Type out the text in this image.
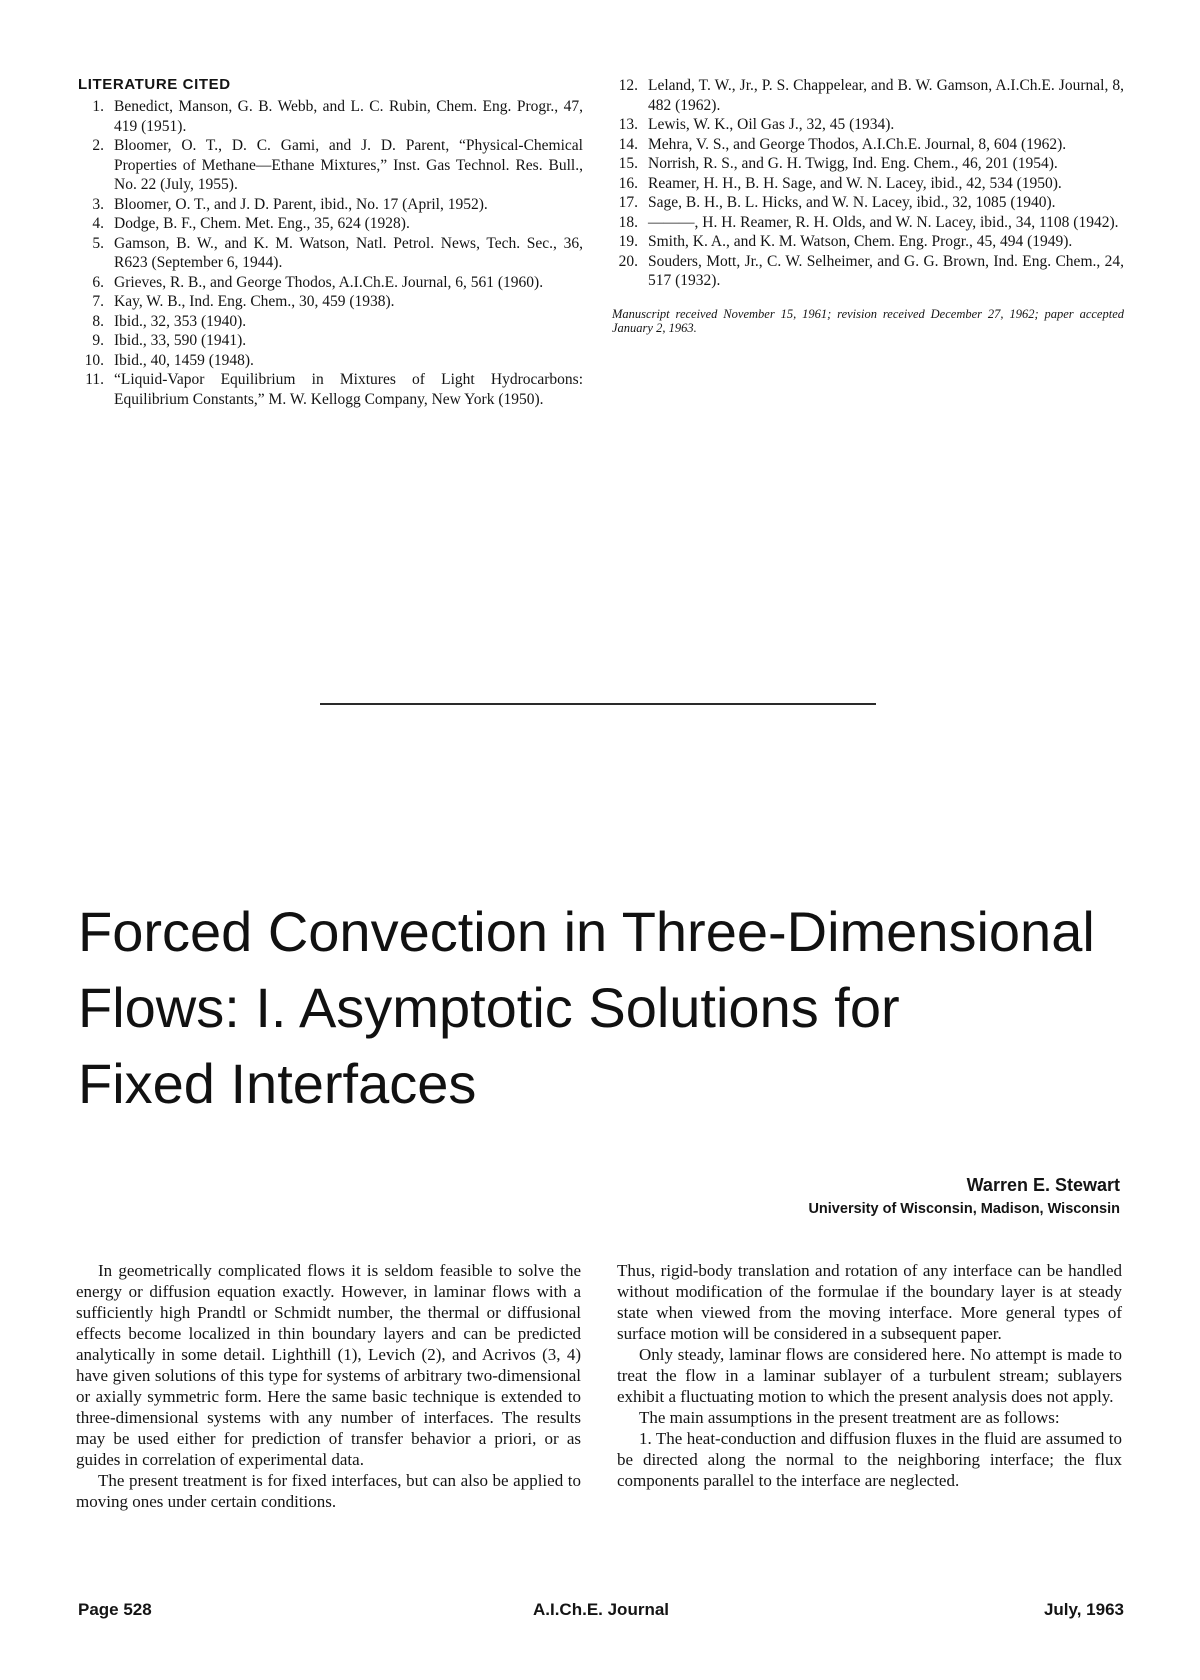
LITERATURE CITED
1. Benedict, Manson, G. B. Webb, and L. C. Rubin, Chem. Eng. Progr., 47, 419 (1951).
2. Bloomer, O. T., D. C. Gami, and J. D. Parent, “Physical-Chemical Properties of Methane—Ethane Mixtures,” Inst. Gas Technol. Res. Bull., No. 22 (July, 1955).
3. Bloomer, O. T., and J. D. Parent, ibid., No. 17 (April, 1952).
4. Dodge, B. F., Chem. Met. Eng., 35, 624 (1928).
5. Gamson, B. W., and K. M. Watson, Natl. Petrol. News, Tech. Sec., 36, R623 (September 6, 1944).
6. Grieves, R. B., and George Thodos, A.I.Ch.E. Journal, 6, 561 (1960).
7. Kay, W. B., Ind. Eng. Chem., 30, 459 (1938).
8. Ibid., 32, 353 (1940).
9. Ibid., 33, 590 (1941).
10. Ibid., 40, 1459 (1948).
11. “Liquid-Vapor Equilibrium in Mixtures of Light Hydrocarbons: Equilibrium Constants,” M. W. Kellogg Company, New York (1950).
12. Leland, T. W., Jr., P. S. Chappelear, and B. W. Gamson, A.I.Ch.E. Journal, 8, 482 (1962).
13. Lewis, W. K., Oil Gas J., 32, 45 (1934).
14. Mehra, V. S., and George Thodos, A.I.Ch.E. Journal, 8, 604 (1962).
15. Norrish, R. S., and G. H. Twigg, Ind. Eng. Chem., 46, 201 (1954).
16. Reamer, H. H., B. H. Sage, and W. N. Lacey, ibid., 42, 534 (1950).
17. Sage, B. H., B. L. Hicks, and W. N. Lacey, ibid., 32, 1085 (1940).
18. ———, H. H. Reamer, R. H. Olds, and W. N. Lacey, ibid., 34, 1108 (1942).
19. Smith, K. A., and K. M. Watson, Chem. Eng. Progr., 45, 494 (1949).
20. Souders, Mott, Jr., C. W. Selheimer, and G. G. Brown, Ind. Eng. Chem., 24, 517 (1932).

Manuscript received November 15, 1961; revision received December 27, 1962; paper accepted January 2, 1963.

Forced Convection in Three-Dimensional
Flows: I. Asymptotic Solutions for
Fixed Interfaces
Warren E. Stewart
University of Wisconsin, Madison, Wisconsin

In geometrically complicated flows it is seldom feasible to solve the energy or diffusion equation exactly. However, in laminar flows with a sufficiently high Prandtl or Schmidt number, the thermal or diffusional effects become localized in thin boundary layers and can be predicted analytically in some detail. Lighthill (1), Levich (2), and Acrivos (3, 4) have given solutions of this type for systems of arbitrary two-dimensional or axially symmetric form. Here the same basic technique is extended to three-dimensional systems with any number of interfaces. The results may be used either for prediction of transfer behavior a priori, or as guides in correlation of experimental data.

The present treatment is for fixed interfaces, but can also be applied to moving ones under certain conditions.

Thus, rigid-body translation and rotation of any interface can be handled without modification of the formulae if the boundary layer is at steady state when viewed from the moving interface. More general types of surface motion will be considered in a subsequent paper.

Only steady, laminar flows are considered here. No attempt is made to treat the flow in a laminar sublayer of a turbulent stream; sublayers exhibit a fluctuating motion to which the present analysis does not apply.

The main assumptions in the present treatment are as follows:

1. The heat-conduction and diffusion fluxes in the fluid are assumed to be directed along the normal to the neighboring interface; the flux components parallel to the interface are neglected.

Page 528	A.I.Ch.E. Journal	July, 1963
